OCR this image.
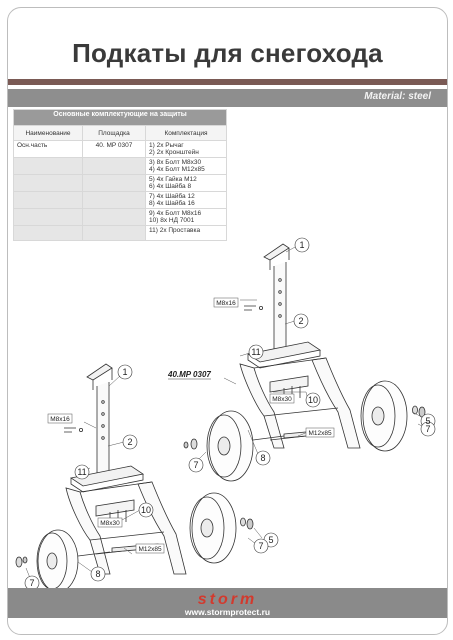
Подкаты для снегохода
Material: steel
Основные комплектующие на защиты		
Наименование	Площадка	Комплектация
Осн.часть	40. MP 0307	1) 2х Рычаг
2) 2х Кронштейн

		3) 8х Болт М8х30
4) 4х Болт М12х85

		5) 4х Гайка М12
6) 4х Шайба 8

		7) 4х Шайба 12
8) 4х Шайба 16

		9) 4х Болт М8х16
10) 8х НД 7001

		11) 2х Проставка
1
2
11
10
8
7
5
7
1
2
11
10
8
7
5
7
M8x16
M8x30
M12x85
M8x16
M8x30
M12x85
40.MP 0307
storm
www.stormprotect.ru
